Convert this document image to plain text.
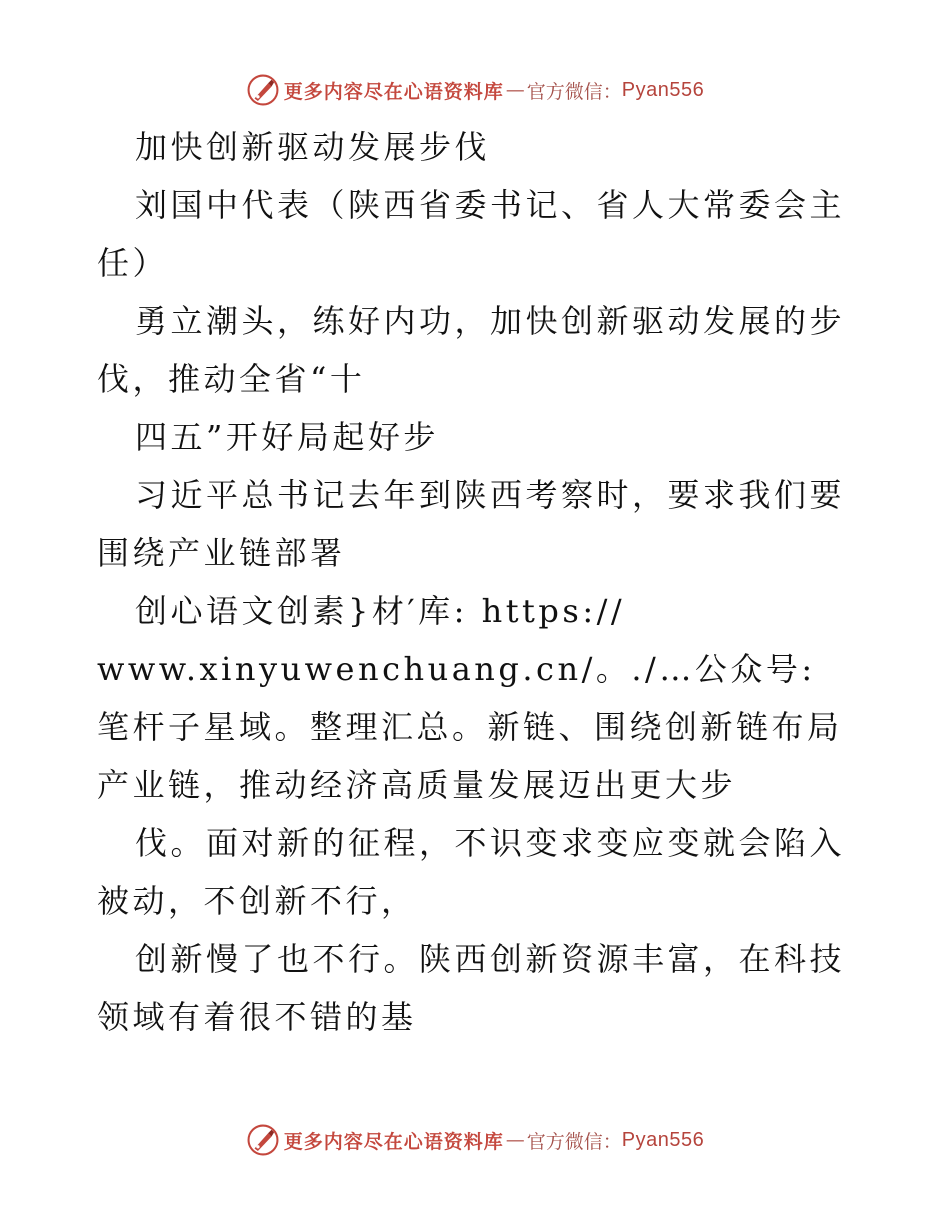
更多内容尽在心语资料库 — 官方微信： Pyan556

加快创新驱动发展步伐

刘国中代表（陕西省委书记、省人大常委会主任）

勇立潮头，练好内功，加快创新驱动发展的步伐，推动全省“十

四五”开好局起好步

习近平总书记去年到陕西考察时，要求我们要围绕产业链部署

创心语文创素}材′库: https://

www.xinyuwenchuang.cn/。./…公众号: 笔杆子星域。整理汇总。新链、围绕创新链布局产业链，推动经济高质量发展迈出更大步

伐。面对新的征程，不识变求变应变就会陷入被动，不创新不行，

创新慢了也不行。陕西创新资源丰富，在科技领域有着很不错的基

更多内容尽在心语资料库 — 官方微信： Pyan556
